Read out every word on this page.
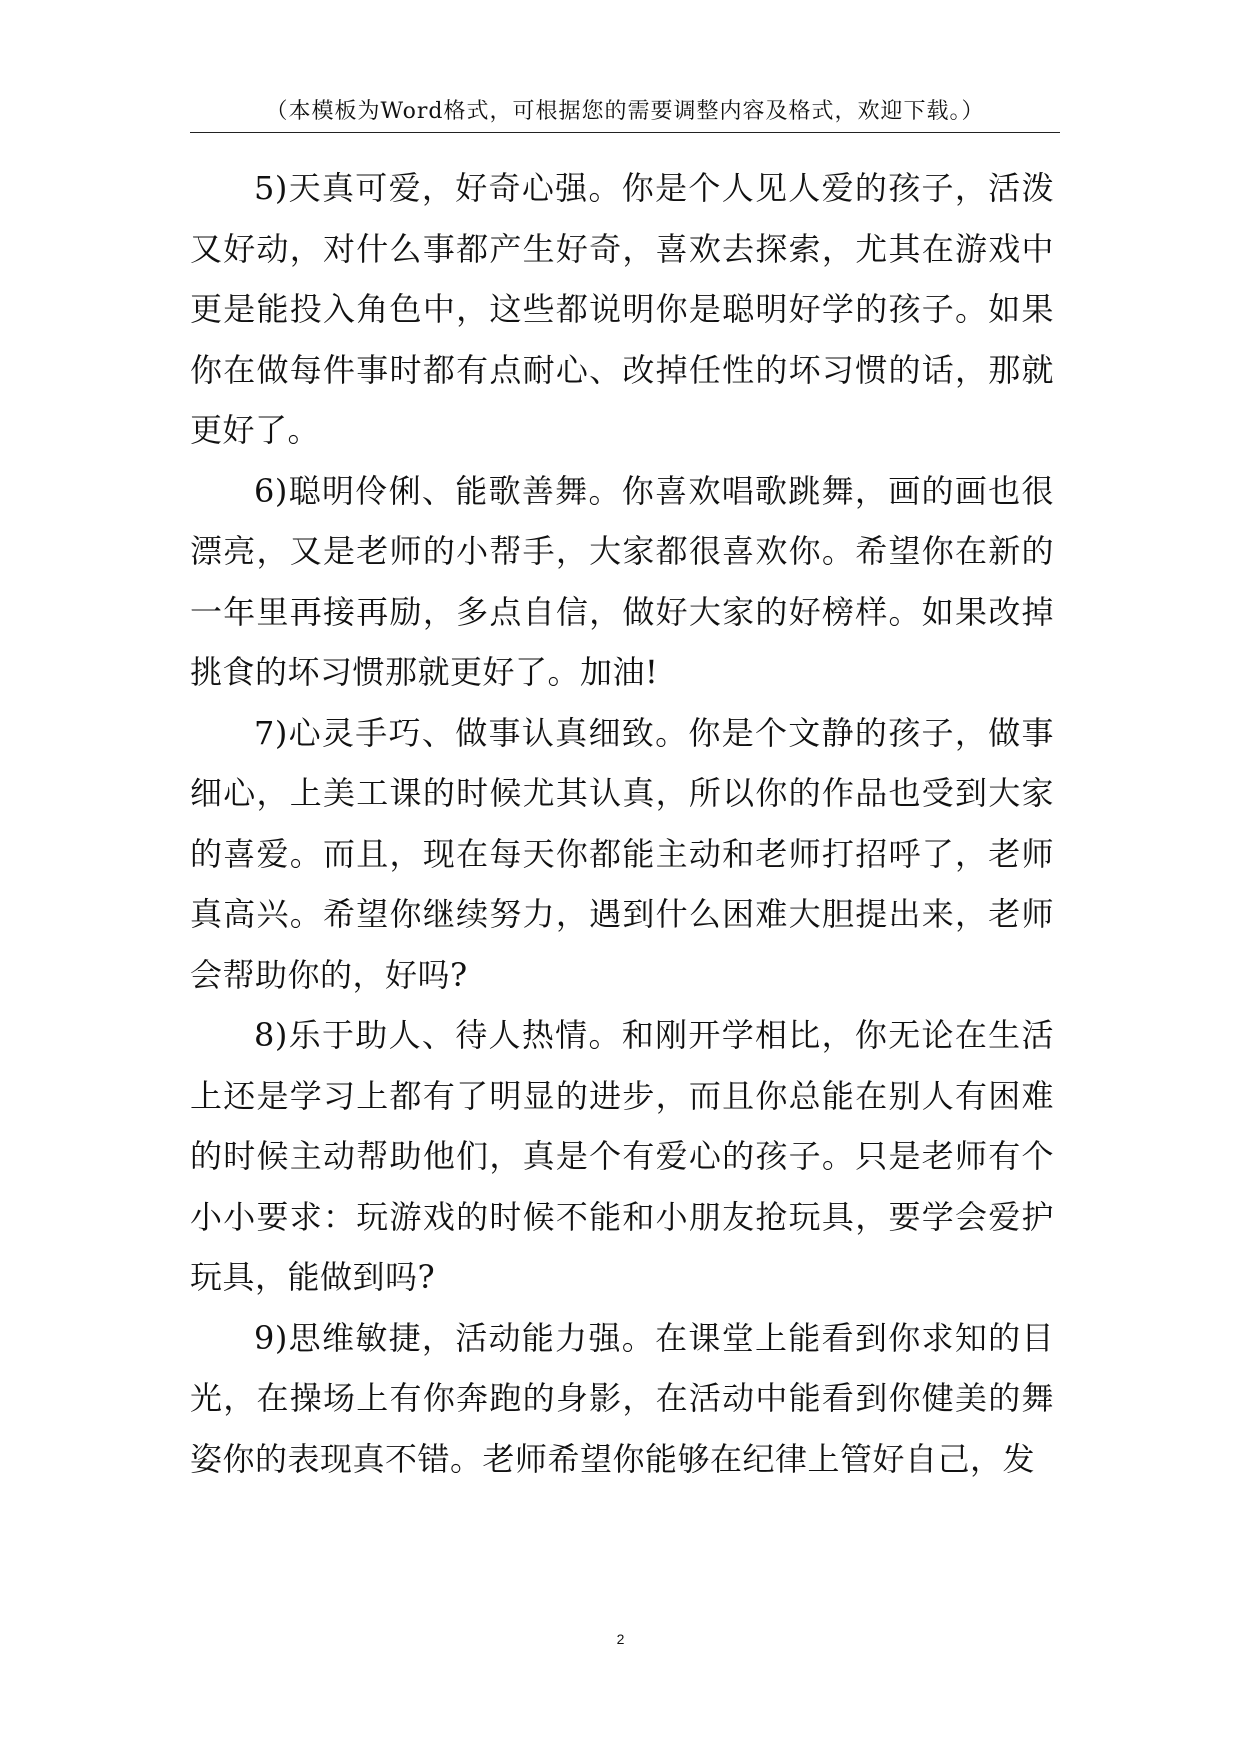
（本模板为Word格式，可根据您的需要调整内容及格式，欢迎下载。）

5)天真可爱，好奇心强。你是个人见人爱的孩子，活泼又好动，对什么事都产生好奇，喜欢去探索，尤其在游戏中更是能投入角色中，这些都说明你是聪明好学的孩子。如果你在做每件事时都有点耐心、改掉任性的坏习惯的话，那就更好了。

6)聪明伶俐、能歌善舞。你喜欢唱歌跳舞，画的画也很漂亮，又是老师的小帮手，大家都很喜欢你。希望你在新的一年里再接再励，多点自信，做好大家的好榜样。如果改掉挑食的坏习惯那就更好了。加油!

7)心灵手巧、做事认真细致。你是个文静的孩子，做事细心，上美工课的时候尤其认真，所以你的作品也受到大家的喜爱。而且，现在每天你都能主动和老师打招呼了，老师真高兴。希望你继续努力，遇到什么困难大胆提出来，老师会帮助你的，好吗?

8)乐于助人、待人热情。和刚开学相比，你无论在生活上还是学习上都有了明显的进步，而且你总能在别人有困难的时候主动帮助他们，真是个有爱心的孩子。只是老师有个小小要求：玩游戏的时候不能和小朋友抢玩具，要学会爱护玩具，能做到吗?

9)思维敏捷，活动能力强。在课堂上能看到你求知的目光，在操场上有你奔跑的身影，在活动中能看到你健美的舞姿你的表现真不错。老师希望你能够在纪律上管好自己，发

2
